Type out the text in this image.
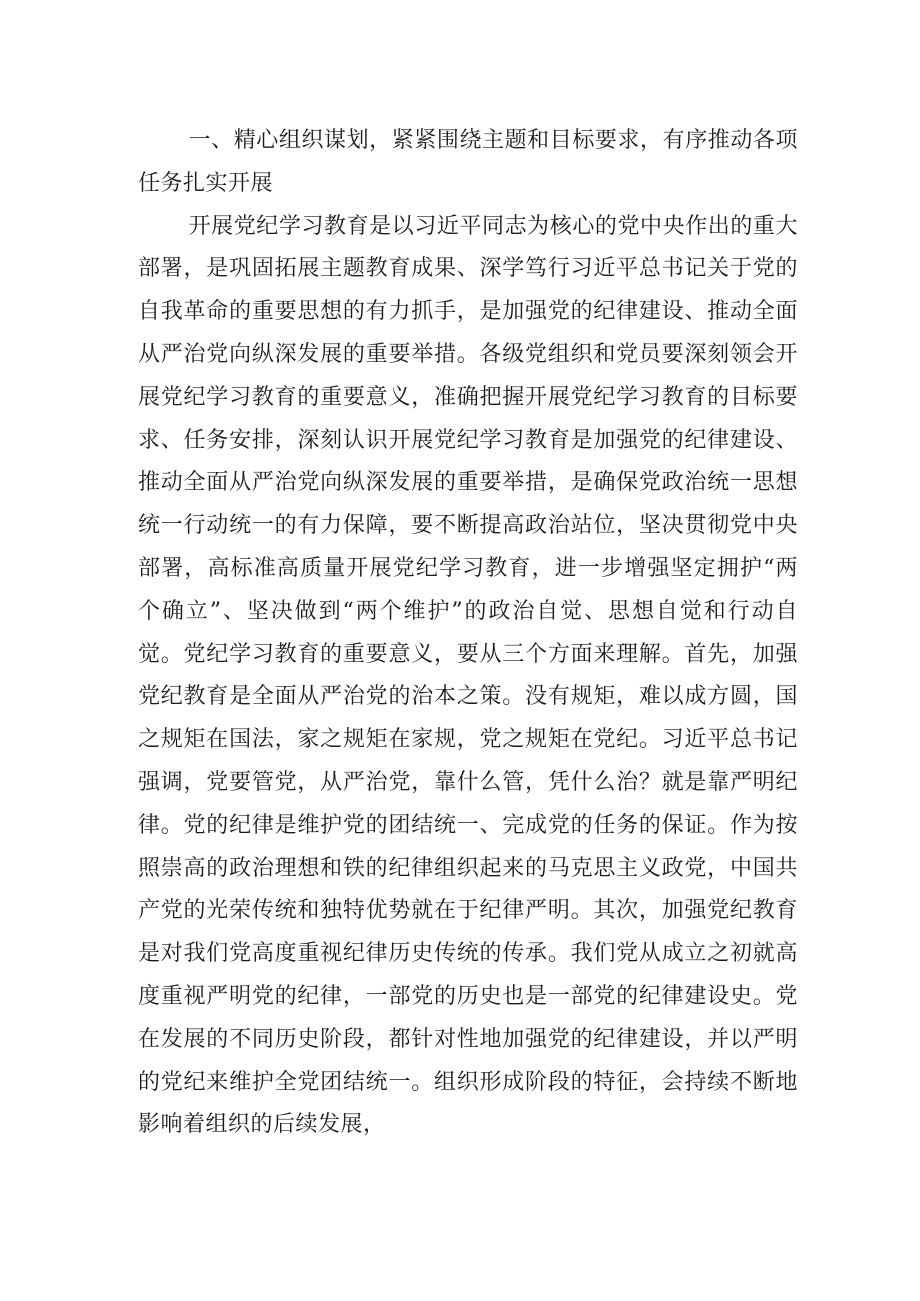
一、精心组织谋划，紧紧围绕主题和目标要求，有序推动各项任务扎实开展

开展党纪学习教育是以习近平同志为核心的党中央作出的重大部署，是巩固拓展主题教育成果、深学笃行习近平总书记关于党的自我革命的重要思想的有力抓手，是加强党的纪律建设、推动全面从严治党向纵深发展的重要举措。各级党组织和党员要深刻领会开展党纪学习教育的重要意义，准确把握开展党纪学习教育的目标要求、任务安排，深刻认识开展党纪学习教育是加强党的纪律建设、推动全面从严治党向纵深发展的重要举措，是确保党政治统一思想统一行动统一的有力保障，要不断提高政治站位，坚决贯彻党中央部署，高标准高质量开展党纪学习教育，进一步增强坚定拥护“两个确立”、坚决做到“两个维护”的政治自觉、思想自觉和行动自觉。党纪学习教育的重要意义，要从三个方面来理解。首先，加强党纪教育是全面从严治党的治本之策。没有规矩，难以成方圆，国之规矩在国法，家之规矩在家规，党之规矩在党纪。习近平总书记强调，党要管党，从严治党，靠什么管，凭什么治？就是靠严明纪律。党的纪律是维护党的团结统一、完成党的任务的保证。作为按照崇高的政治理想和铁的纪律组织起来的马克思主义政党，中国共产党的光荣传统和独特优势就在于纪律严明。其次，加强党纪教育是对我们党高度重视纪律历史传统的传承。我们党从成立之初就高度重视严明党的纪律，一部党的历史也是一部党的纪律建设史。党在发展的不同历史阶段，都针对性地加强党的纪律建设，并以严明的党纪来维护全党团结统一。组织形成阶段的特征，会持续不断地影响着组织的后续发展，
